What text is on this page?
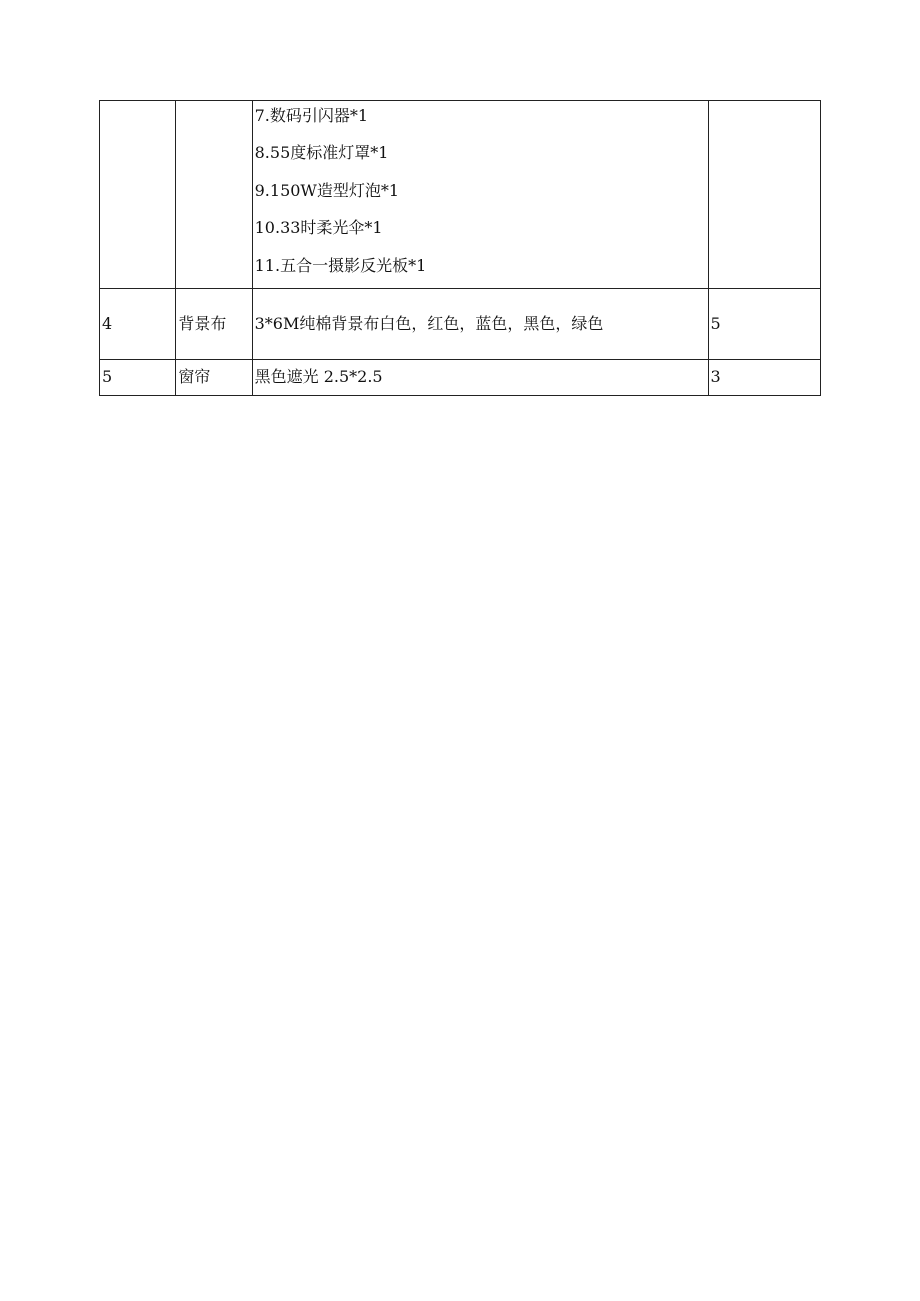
		7.数码引闪器*1
8.55度标准灯罩*1
9.150W造型灯泡*1
10.33时柔光伞*1
11.五合一摄影反光板*1	

4	背景布	3*6M纯棉背景布白色，红色，蓝色，黑色，绿色	5
5	窗帘	黑色遮光 2.5*2.5	3
